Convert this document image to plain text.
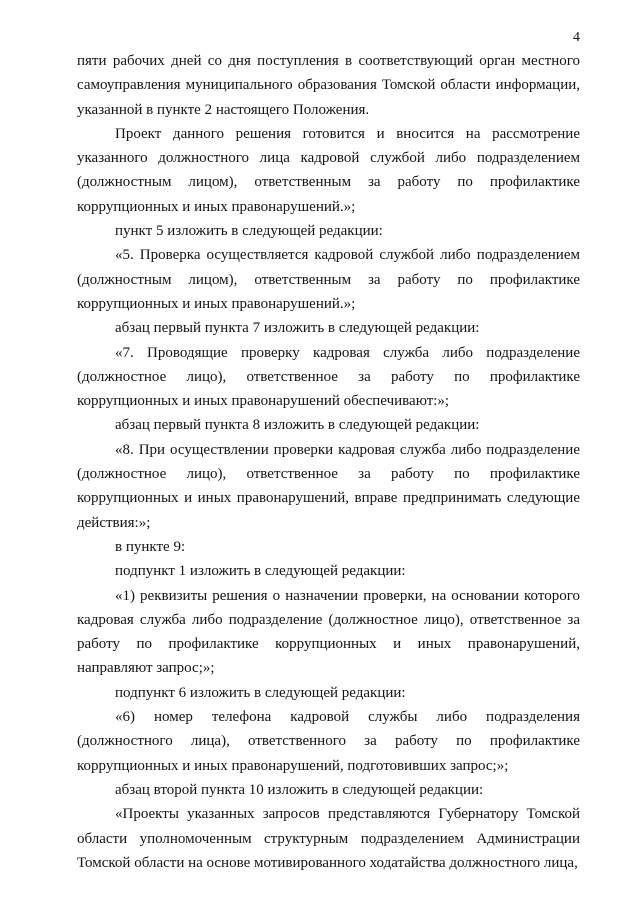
4

пяти рабочих дней со дня поступления в соответствующий орган местного самоуправления муниципального образования Томской области информации, указанной в пункте 2 настоящего Положения.

Проект данного решения готовится и вносится на рассмотрение указанного должностного лица кадровой службой либо подразделением (должностным лицом), ответственным за работу по профилактике коррупционных и иных правонарушений.»;

пункт 5 изложить в следующей редакции:

«5. Проверка осуществляется кадровой службой либо подразделением (должностным лицом), ответственным за работу по профилактике коррупционных и иных правонарушений.»;

абзац первый пункта 7 изложить в следующей редакции:

«7. Проводящие проверку кадровая служба либо подразделение (должностное лицо), ответственное за работу по профилактике коррупционных и иных правонарушений обеспечивают:»;

абзац первый пункта 8 изложить в следующей редакции:

«8. При осуществлении проверки кадровая служба либо подразделение (должностное лицо), ответственное за работу по профилактике коррупционных и иных правонарушений, вправе предпринимать следующие действия:»;

в пункте 9:

подпункт 1 изложить в следующей редакции:

«1) реквизиты решения о назначении проверки, на основании которого кадровая служба либо подразделение (должностное лицо), ответственное за работу по профилактике коррупционных и иных правонарушений, направляют запрос;»;

подпункт 6 изложить в следующей редакции:

«6) номер телефона кадровой службы либо подразделения (должностного лица), ответственного за работу по профилактике коррупционных и иных правонарушений, подготовивших запрос;»;

абзац второй пункта 10 изложить в следующей редакции:

«Проекты указанных запросов представляются Губернатору Томской области уполномоченным структурным подразделением Администрации Томской области на основе мотивированного ходатайства должностного лица,
